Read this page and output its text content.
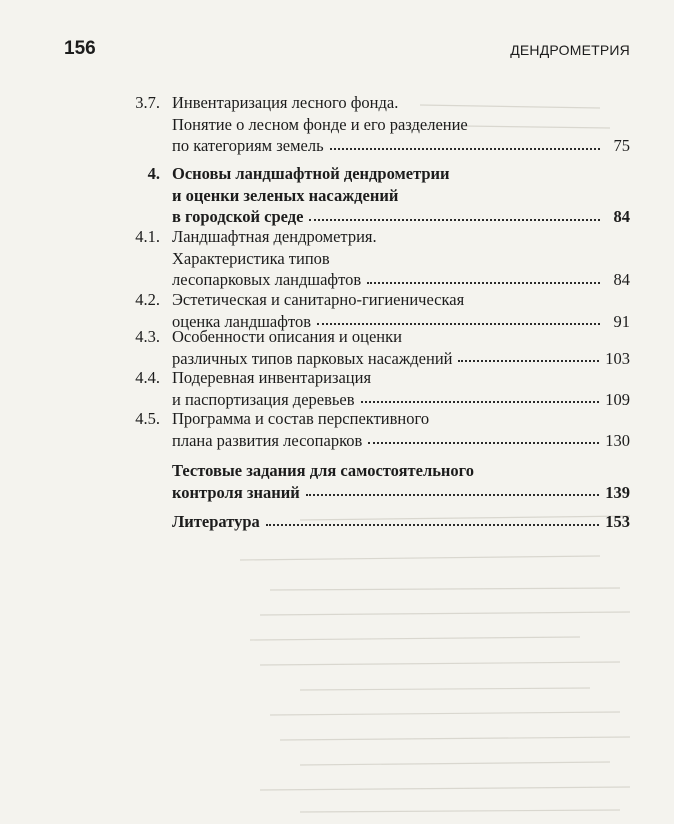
156	ДЕНДРОМЕТРИЯ
3.7. Инвентаризация лесного фонда.
Понятие о лесном фонде и его разделение
по категориям земель	75
4. Основы ландшафтной дендрометрии
и оценки зеленых насаждений
в городской среде	84
4.1. Ландшафтная дендрометрия.
Характеристика типов
лесопарковых ландшафтов	84
4.2. Эстетическая и санитарно-гигиеническая
оценка ландшафтов	91
4.3. Особенности описания и оценки
различных типов парковых насаждений	103
4.4. Подеревная инвентаризация
и паспортизация деревьев	109
4.5. Программа и состав перспективного
плана развития лесопарков	130
Тестовые задания для самостоятельного
контроля знаний	139
Литература	153
